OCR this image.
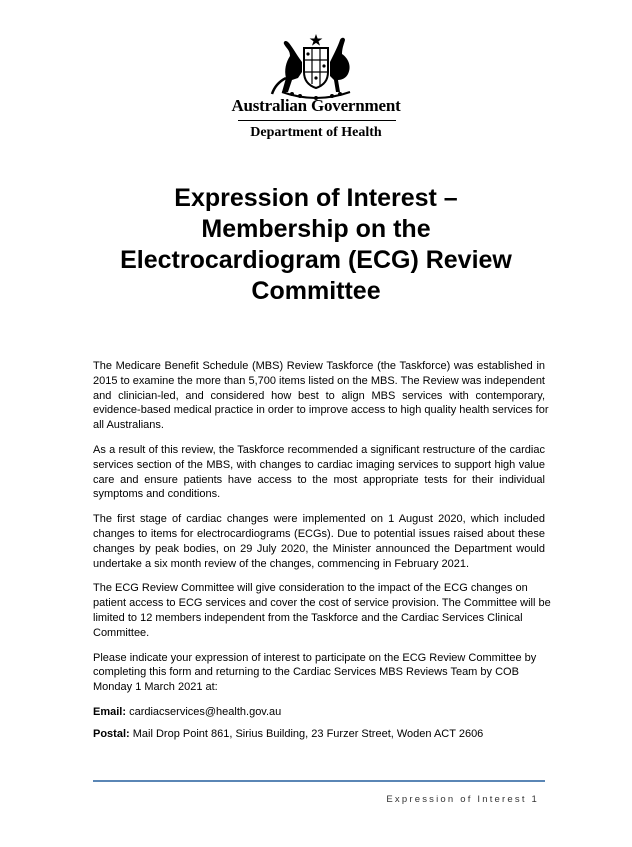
Australian Government
Department of Health
Expression of Interest –
Membership on the
Electrocardiogram (ECG) Review
Committee
The Medicare Benefit Schedule (MBS) Review Taskforce (the Taskforce) was established in
2015 to examine the more than 5,700 items listed on the MBS. The Review was independent
and clinician-led, and considered how best to align MBS services with contemporary,
evidence-based medical practice in order to improve access to high quality health services for
all Australians.
As a result of this review, the Taskforce recommended a significant restructure of the cardiac
services section of the MBS, with changes to cardiac imaging services to support high value
care and ensure patients have access to the most appropriate tests for their individual
symptoms and conditions.
The first stage of cardiac changes were implemented on 1 August 2020, which included
changes to items for electrocardiograms (ECGs). Due to potential issues raised about these
changes by peak bodies, on 29 July 2020, the Minister announced the Department would
undertake a six month review of the changes, commencing in February 2021.
The ECG Review Committee will give consideration to the impact of the ECG changes on
patient access to ECG services and cover the cost of service provision. The Committee will be
limited to 12 members independent from the Taskforce and the Cardiac Services Clinical
Committee.
Please indicate your expression of interest to participate on the ECG Review Committee by
completing this form and returning to the Cardiac Services MBS Reviews Team by COB
Monday 1 March 2021 at:
Email: cardiacservices@health.gov.au
Postal: Mail Drop Point 861, Sirius Building, 23 Furzer Street, Woden ACT 2606
Expression of Interest 1
